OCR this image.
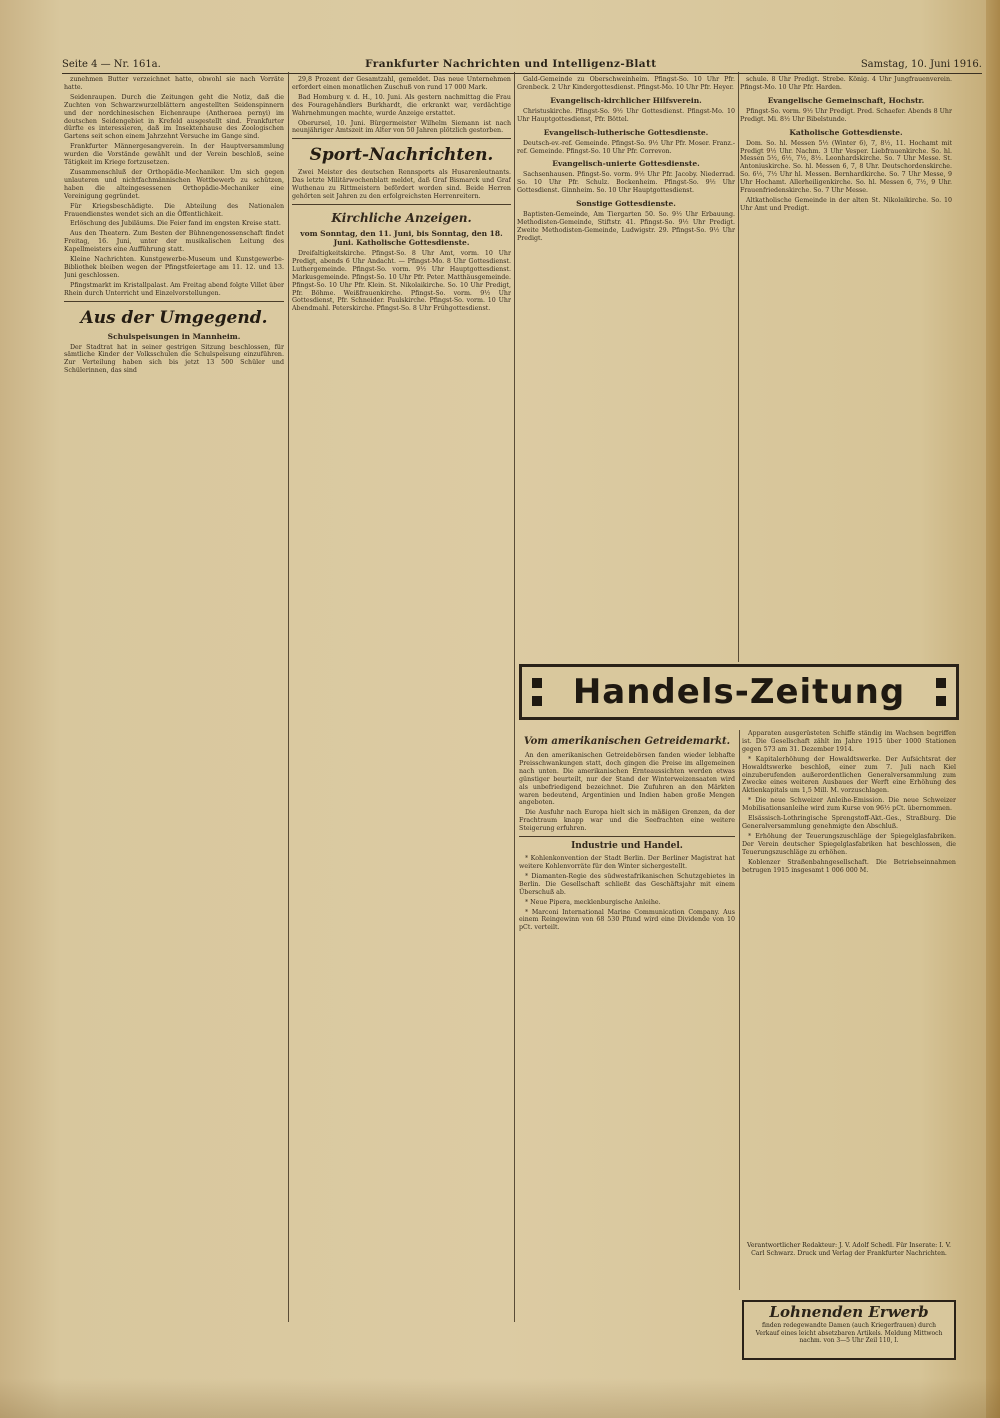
Seite 4 — Nr. 161a.	Frankfurter Nachrichten und Intelligenz-Blatt	Samstag, 10. Juni 1916.

zunehmen Butter verzeichnet hatte, obwohl sie nach Vorräte hatte.

Seidenraupen. Durch die Zeitungen geht die Notiz, daß die Zuchten von Schwarzwurzelblättern angestellten Seidenspinnern und der nordchinesischen Eichenraupe (Antheraea pernyi) im deutschen Seidengebiet in Krefeld ausgestellt sind. Frankfurter dürfte es interessieren, daß im Insektenhause des Zoologischen Gartens seit schon einem Jahrzehnt Versuche im Gange sind.

Frankfurter Männergesangverein. In der Hauptversammlung wurden die Vorstände gewählt und der Verein beschloß, seine Tätigkeit im Kriege fortzusetzen.

Zusammenschluß der Orthopädie-Mechaniker. Um sich gegen unlauteren und nichtfachmännischen Wettbewerb zu schützen, haben die alteingesessenen Orthopädie-Mechaniker eine Vereinigung gegründet.

Für Kriegsbeschädigte. Die Abteilung des Nationalen Frauendienstes wendet sich an die Öffentlichkeit.

Erlöschung des Jubiläums. Die Feier fand im engsten Kreise statt.

Aus den Theatern. Zum Besten der Bühnengenossenschaft findet Freitag, 16. Juni, unter der musikalischen Leitung des Kapellmeisters eine Aufführung statt.

Kleine Nachrichten. Kunstgewerbe-Museum und Kunstgewerbe-Bibliothek bleiben wegen der Pfingstfeiertage am 11. 12. und 13. Juni geschlossen.

Pfingstmarkt im Kristallpalast. Am Freitag abend folgte Villet über Rhein durch Unterricht und Einzelvorstellungen.

Aus der Umgegend.
Schulspeisungen in Mannheim.

Der Stadtrat hat in seiner gestrigen Sitzung beschlossen, für sämtliche Kinder der Volksschulen die Schulspeisung einzuführen. Zur Verteilung haben sich bis jetzt 13 500 Schüler und Schülerinnen, das sind

29,8 Prozent der Gesamtzahl, gemeldet. Das neue Unternehmen erfordert einen monatlichen Zuschuß von rund 17 000 Mark.

Bad Homburg v. d. H., 10. Juni. Als gestern nachmittag die Frau des Fouragehändlers Burkhardt, die erkrankt war, verdächtige Wahrnehmungen machte, wurde Anzeige erstattet.

Oberursel, 10. Juni. Bürgermeister Wilhelm Siemann ist nach neunjähriger Amtszeit im Alter von 50 Jahren plötzlich gestorben.

Sport-Nachrichten.

Zwei Meister des deutschen Rennsports als Husarenleutnants. Das letzte Militärwochenblatt meldet, daß Graf Bismarck und Graf Wuthenau zu Rittmeistern befördert worden sind. Beide Herren gehörten seit Jahren zu den erfolgreichsten Herrenreitern.

Kirchliche Anzeigen.
vom Sonntag, den 11. Juni, bis Sonntag, den 18. Juni. Katholische Gottesdienste.

Dreifaltigkeitskirche. Pfingst-So. 8 Uhr Amt, vorm. 10 Uhr Predigt, abends 6 Uhr Andacht. — Pfingst-Mo. 8 Uhr Gottesdienst. Luthergemeinde. Pfingst-So. vorm. 9½ Uhr Hauptgottesdienst. Markusgemeinde. Pfingst-So. 10 Uhr Pfr. Peter. Matthäusgemeinde. Pfingst-So. 10 Uhr Pfr. Klein. St. Nikolaikirche. So. 10 Uhr Predigt, Pfr. Böhme. Weißfrauenkirche. Pfingst-So. vorm. 9½ Uhr Gottesdienst, Pfr. Schneider. Paulskirche. Pfingst-So. vorm. 10 Uhr Abendmahl. Peterskirche. Pfingst-So. 8 Uhr Frühgottesdienst.

Gald-Gemeinde zu Oberschweinheim. Pfingst-So. 10 Uhr Pfr. Grenbeck. 2 Uhr Kindergottesdienst. Pfingst-Mo. 10 Uhr Pfr. Heyer.

Evangelisch-kirchlicher Hilfsverein.

Christuskirche. Pfingst-So. 9½ Uhr Gottesdienst. Pfingst-Mo. 10 Uhr Hauptgottesdienst, Pfr. Böttel.

Evangelisch-lutherische Gottesdienste.

Deutsch-ev.-ref. Gemeinde. Pfingst-So. 9½ Uhr Pfr. Moser. Franz.-ref. Gemeinde. Pfingst-So. 10 Uhr Pfr. Correvon.

Evangelisch-unierte Gottesdienste.

Sachsenhausen. Pfingst-So. vorm. 9½ Uhr Pfr. Jacoby. Niederrad. So. 10 Uhr Pfr. Schulz. Bockenheim. Pfingst-So. 9½ Uhr Gottesdienst. Ginnheim. So. 10 Uhr Hauptgottesdienst.

Sonstige Gottesdienste.

Baptisten-Gemeinde, Am Tiergarten 50. So. 9½ Uhr Erbauung. Methodisten-Gemeinde, Stiftstr. 41. Pfingst-So. 9½ Uhr Predigt. Zweite Methodisten-Gemeinde, Ludwigstr. 29. Pfingst-So. 9½ Uhr Predigt.

schule. 8 Uhr Predigt. Strebe. König. 4 Uhr Jungfrauenverein. Pfingst-Mo. 10 Uhr Pfr. Harden.

Evangelische Gemeinschaft, Hochstr.

Pfingst-So. vorm. 9½ Uhr Predigt. Pred. Schaefer. Abends 8 Uhr Predigt. Mi. 8½ Uhr Bibelstunde.

Katholische Gottesdienste.

Dom. So. hl. Messen 5½ (Winter 6), 7, 8½, 11. Hochamt mit Predigt 9½ Uhr. Nachm. 3 Uhr Vesper. Liebfrauenkirche. So. hl. Messen 5½, 6½, 7½, 8½. Leonhardskirche. So. 7 Uhr Messe. St. Antoniuskirche. So. hl. Messen 6, 7, 8 Uhr. Deutschordenskirche. So. 6½, 7½ Uhr hl. Messen. Bernhardkirche. So. 7 Uhr Messe, 9 Uhr Hochamt. Allerheiligenkirche. So. hl. Messen 6, 7½, 9 Uhr. Frauenfriedenskirche. So. 7 Uhr Messe.

Altkatholische Gemeinde in der alten St. Nikolaikirche. So. 10 Uhr Amt und Predigt.

Handels-Zeitung
Vom amerikanischen Getreidemarkt.

An den amerikanischen Getreidebörsen fanden wieder lebhafte Preisschwankungen statt, doch gingen die Preise im allgemeinen nach unten. Die amerikanischen Ernteaussichten werden etwas günstiger beurteilt, nur der Stand der Winterweizensaaten wird als unbefriedigend bezeichnet. Die Zufuhren an den Märkten waren bedeutend, Argentinien und Indien haben große Mengen angeboten.

Die Ausfuhr nach Europa hielt sich in mäßigen Grenzen, da der Frachtraum knapp war und die Seefrachten eine weitere Steigerung erfuhren.

Industrie und Handel.

* Kohlenkonvention der Stadt Berlin. Der Berliner Magistrat hat weitere Kohlenvorräte für den Winter sichergestellt.

* Diamanten-Regie des südwestafrikanischen Schutzgebietes in Berlin. Die Gesellschaft schließt das Geschäftsjahr mit einem Überschuß ab.

* Neue Pipera, mecklenburgische Anleihe.

* Marconi International Marine Communication Company. Aus einem Reingewinn von 68 530 Pfund wird eine Dividende von 10 pCt. verteilt.

Apparaten ausgerüsteten Schiffe ständig im Wachsen begriffen ist. Die Gesellschaft zählt im Jahre 1915 über 1000 Stationen gegen 573 am 31. Dezember 1914.

* Kapitalerhöhung der Howaldtswerke. Der Aufsichtsrat der Howaldtswerke beschloß, einer zum 7. Juli nach Kiel einzuberufenden außerordentlichen Generalversammlung zum Zwecke eines weiteren Ausbaues der Werft eine Erhöhung des Aktienkapitals um 1,5 Mill. M. vorzuschlagen.

* Die neue Schweizer Anleihe-Emission. Die neue Schweizer Mobilisationsanleihe wird zum Kurse von 96½ pCt. übernommen.

Elsässisch-Lothringische Sprengstoff-Akt.-Ges., Straßburg. Die Generalversammlung genehmigte den Abschluß.

* Erhöhung der Teuerungszuschläge der Spiegelglasfabriken. Der Verein deutscher Spiegelglasfabriken hat beschlossen, die Teuerungszuschläge zu erhöhen.

Koblenzer Straßenbahngesellschaft. Die Betriebseinnahmen betrugen 1915 insgesamt 1 006 000 M.

Verantwortlicher Redakteur: J. V. Adolf Schedl. Für Inserate: I. V. Carl Schwarz. Druck und Verlag der Frankfurter Nachrichten.
Lohnenden Erwerb
finden redegewandte Damen (auch Kriegerfrauen) durch Verkauf eines leicht absetzbaren Artikels. Meldung Mittwoch nachm. von 3—5 Uhr Zeil 110, I.
